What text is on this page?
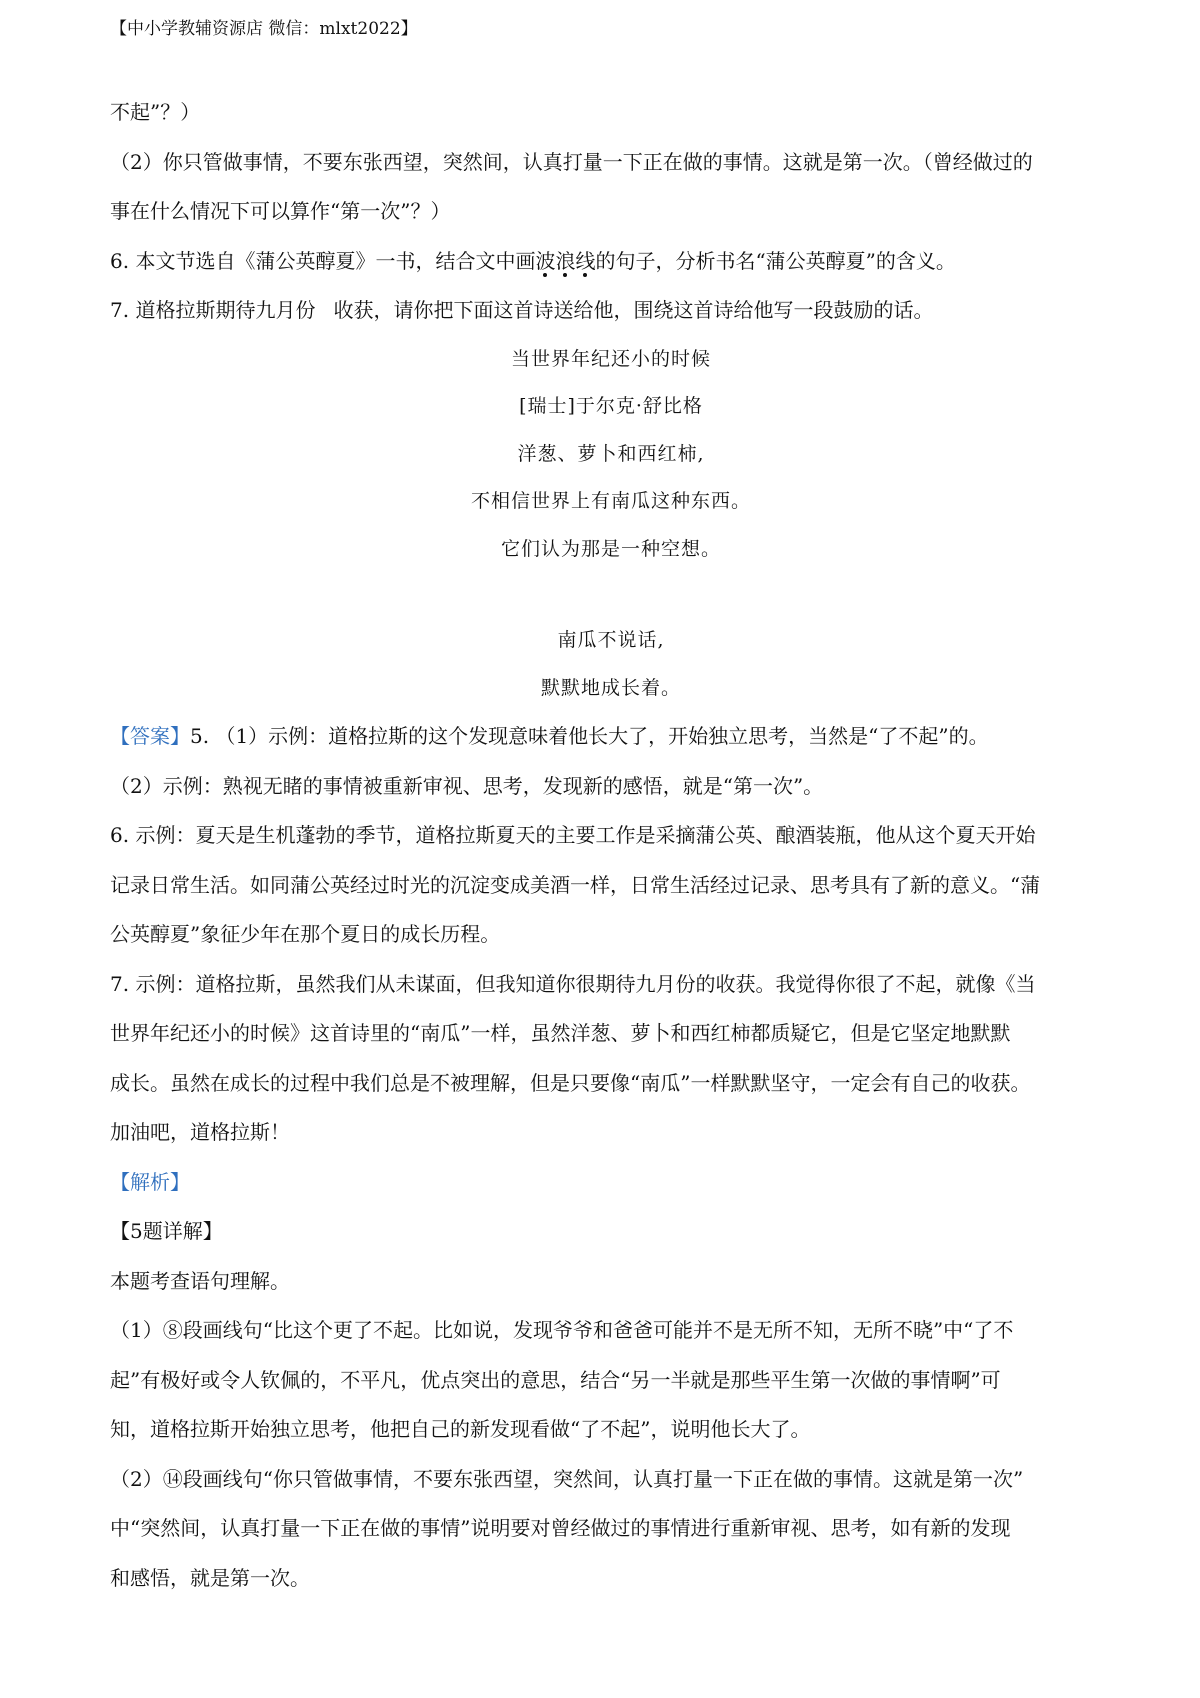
【中小学教辅资源店 微信：mlxt2022】

不起”？）

（2）你只管做事情，不要东张西望，突然间，认真打量一下正在做的事情。这就是第一次。（曾经做过的

事在什么情况下可以算作“第一次”？）

6. 本文节选自《蒲公英醇夏》一书，结合文中画波浪线的句子，分析书名“蒲公英醇夏”的含义。

7. 道格拉斯期待九月份 收获，请你把下面这首诗送给他，围绕这首诗给他写一段鼓励的话。

当世界年纪还小的时候

[瑞士]于尔克·舒比格

洋葱、萝卜和西红柿,

不相信世界上有南瓜这种东西。

它们认为那是一种空想。

南瓜不说话,

默默地成长着。

【答案】5. （1）示例：道格拉斯的这个发现意味着他长大了，开始独立思考，当然是“了不起”的。

（2）示例：熟视无睹的事情被重新审视、思考，发现新的感悟，就是“第一次”。

6. 示例：夏天是生机蓬勃的季节，道格拉斯夏天的主要工作是采摘蒲公英、酿酒装瓶，他从这个夏天开始

记录日常生活。如同蒲公英经过时光的沉淀变成美酒一样，日常生活经过记录、思考具有了新的意义。“蒲

公英醇夏”象征少年在那个夏日的成长历程。

7. 示例：道格拉斯，虽然我们从未谋面，但我知道你很期待九月份的收获。我觉得你很了不起，就像《当

世界年纪还小的时候》这首诗里的“南瓜”一样，虽然洋葱、萝卜和西红柿都质疑它，但是它坚定地默默

成长。虽然在成长的过程中我们总是不被理解，但是只要像“南瓜”一样默默坚守，一定会有自己的收获。

加油吧，道格拉斯！

【解析】

【5题详解】

本题考查语句理解。

（1）⑧段画线句“比这个更了不起。比如说，发现爷爷和爸爸可能并不是无所不知，无所不晓”中“了不

起”有极好或令人钦佩的，不平凡，优点突出的意思，结合“另一半就是那些平生第一次做的事情啊”可

知，道格拉斯开始独立思考，他把自己的新发现看做“了不起”，说明他长大了。

（2）⑭段画线句“你只管做事情，不要东张西望，突然间，认真打量一下正在做的事情。这就是第一次”

中“突然间，认真打量一下正在做的事情”说明要对曾经做过的事情进行重新审视、思考，如有新的发现

和感悟，就是第一次。
